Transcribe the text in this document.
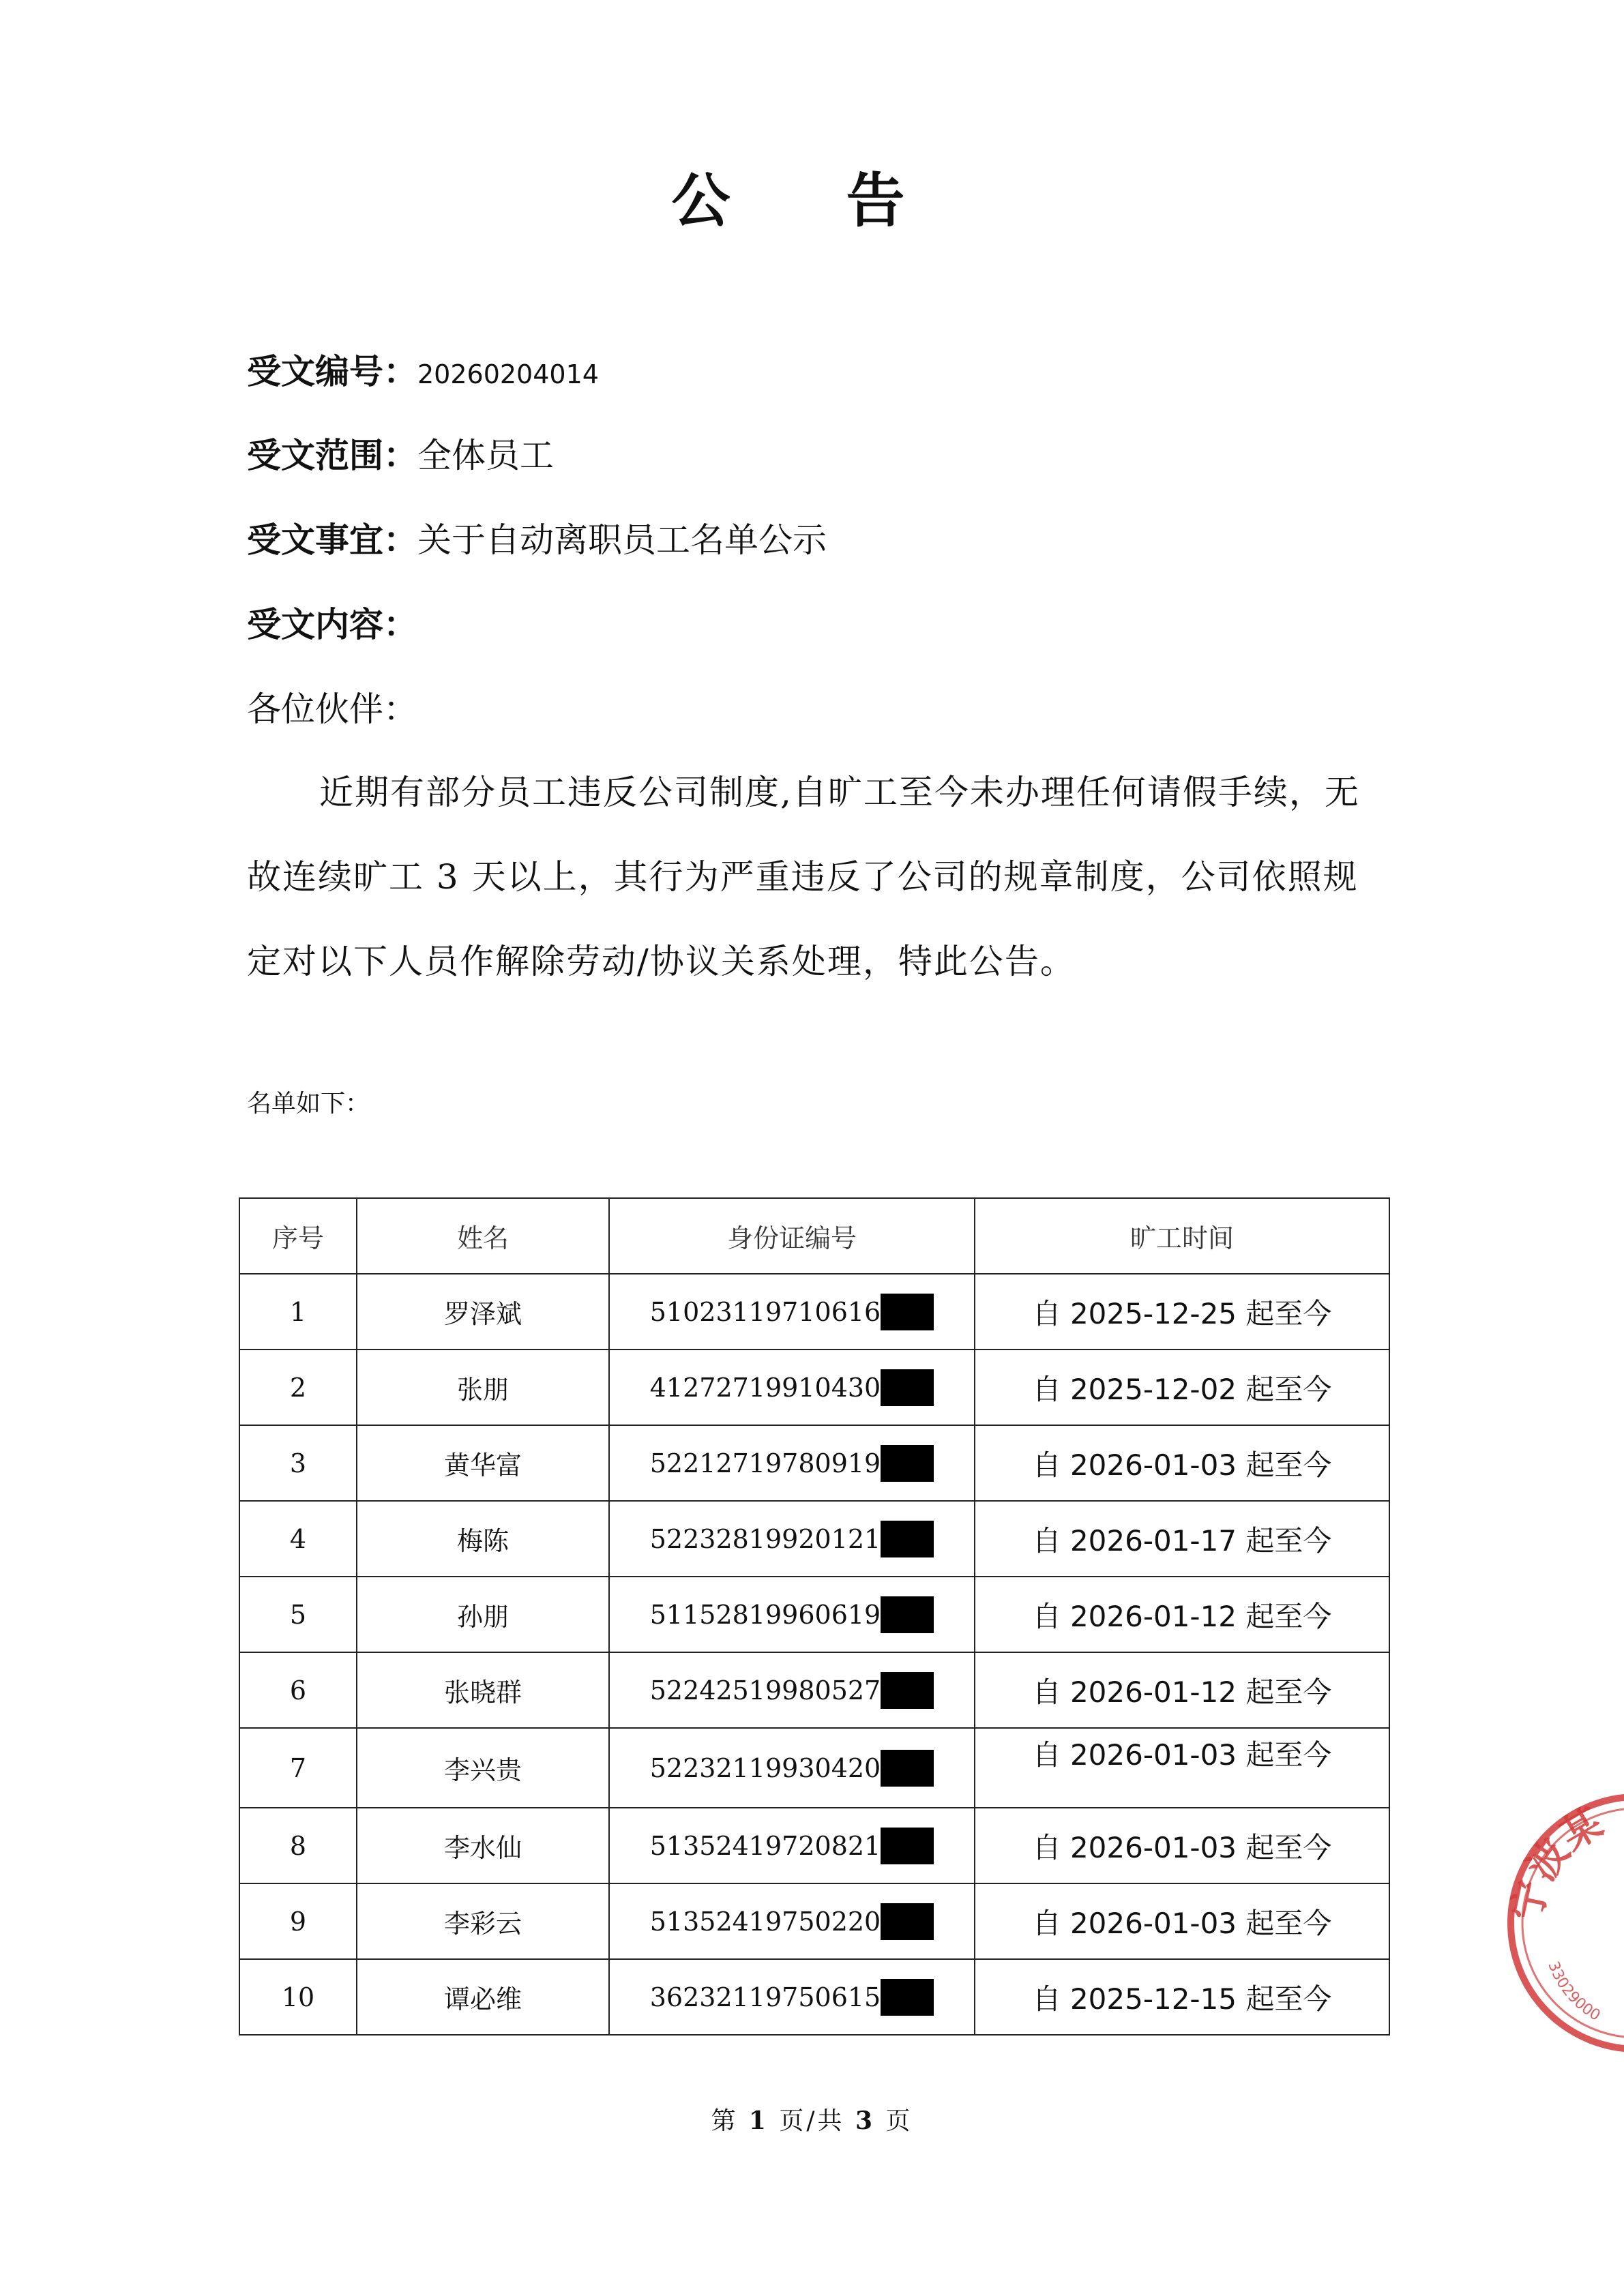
公 告
受文编号：20260204014
受文范围：全体员工
受文事宜：关于自动离职员工名单公示
受文内容：
各位伙伴：
近期有部分员工违反公司制度,自旷工至今未办理任何请假手续，无故连续旷工 3 天以上，其行为严重违反了公司的规章制度，公司依照规定对以下人员作解除劳动/协议关系处理，特此公告。
名单如下：
序号	姓名	身份证编号	旷工时间
1	罗泽斌	51023119710616	自 2025-12-25 起至今
2	张朋	41272719910430	自 2025-12-02 起至今
3	黄华富	52212719780919	自 2026-01-03 起至今
4	梅陈	52232819920121	自 2026-01-17 起至今
5	孙朋	51152819960619	自 2026-01-12 起至今
6	张晓群	52242519980527	自 2026-01-12 起至今
7	李兴贵	52232119930420	自 2026-01-03 起至今
8	李水仙	51352419720821	自 2026-01-03 起至今
9	李彩云	51352419750220	自 2026-01-03 起至今
10	谭必维	36232119750615	自 2025-12-15 起至今
第 1 页/共 3 页
宁波某
33029000
